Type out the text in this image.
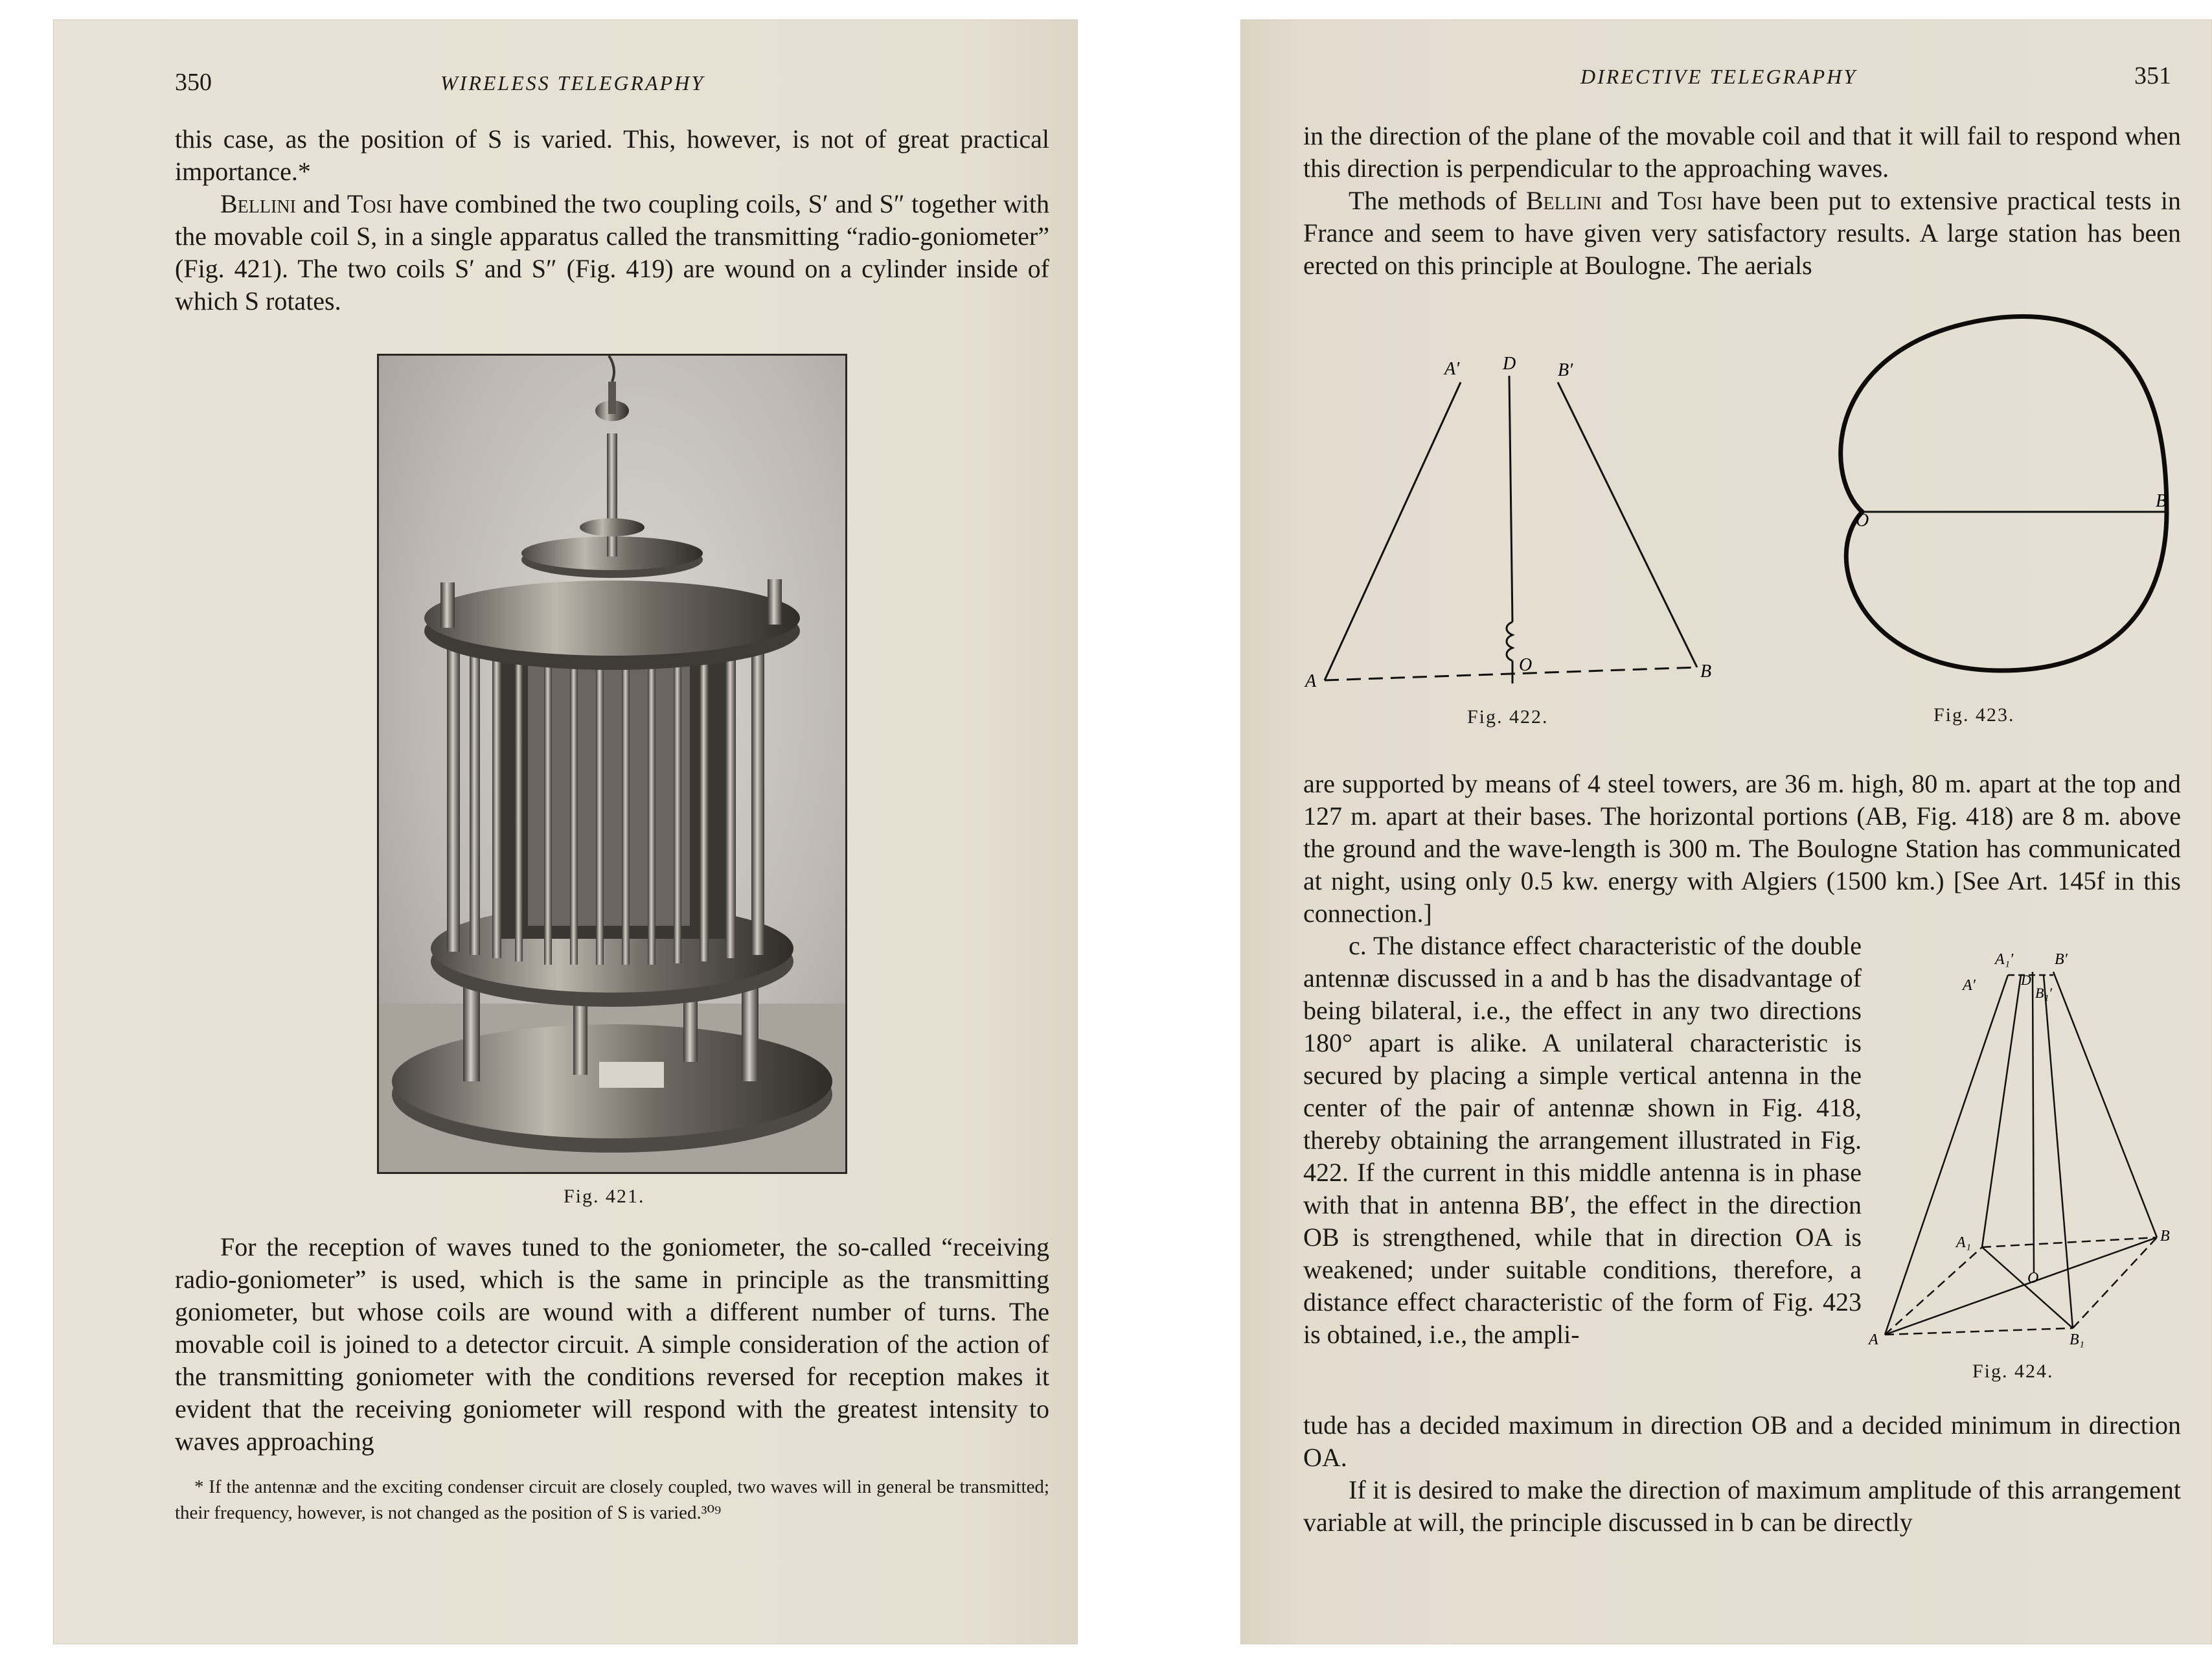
350	WIRELESS TELEGRAPHY

this case, as the position of S is varied. This, however, is not of great practical importance.*

Bellini and Tosi have combined the two coupling coils, S′ and S″ together with the movable coil S, in a single apparatus called the transmitting “radio-goniometer” (Fig. 421). The two coils S′ and S″ (Fig. 419) are wound on a cylinder inside of which S rotates.

Fig. 421.

For the reception of waves tuned to the goniometer, the so-called “receiving radio-goniometer” is used, which is the same in principle as the transmitting goniometer, but whose coils are wound with a different number of turns. The movable coil is joined to a detector circuit. A simple consideration of the action of the transmitting goniometer with the conditions reversed for reception makes it evident that the receiving goniometer will respond with the greatest intensity to waves approaching

* If the antennæ and the exciting condenser circuit are closely coupled, two waves will in general be transmitted; their frequency, however, is not changed as the position of S is varied.³⁰⁹

DIRECTIVE TELEGRAPHY	351

in the direction of the plane of the movable coil and that it will fail to respond when this direction is perpendicular to the approaching waves.

The methods of Bellini and Tosi have been put to extensive practical tests in France and seem to have given very satisfactory results. A large station has been erected on this principle at Boulogne. The aerials

A′ D B′
A
O	B
Fig. 422.
O
B
Fig. 423.

are supported by means of 4 steel towers, are 36 m. high, 80 m. apart at the top and 127 m. apart at their bases. The horizontal portions (AB, Fig. 418) are 8 m. above the ground and the wave-length is 300 m. The Boulogne Station has communicated at night, using only 0.5 kw. energy with Algiers (1500 km.) [See Art. 145f in this connection.]

c. The distance effect characteristic of the double antennæ discussed in a and b has the disadvantage of being bilateral, i.e., the effect in any two directions 180° apart is alike. A unilateral characteristic is secured by placing a simple vertical antenna in the center of the pair of antennæ shown in Fig. 418, thereby obtaining the arrangement illustrated in Fig. 422. If the current in this middle antenna is in phase with that in antenna BB′, the effect in the direction OB is strengthened, while that in direction OA is weakened; under suitable conditions, therefore, a distance effect characteristic of the form of Fig. 423 is obtained, i.e., the ampli-

A₁′	B′
A′	D
B₁′
A₁
O
B
A	B₁
Fig. 424.

tude has a decided maximum in direction OB and a decided minimum in direction OA.

If it is desired to make the direction of maximum amplitude of this arrangement variable at will, the principle discussed in b can be directly
